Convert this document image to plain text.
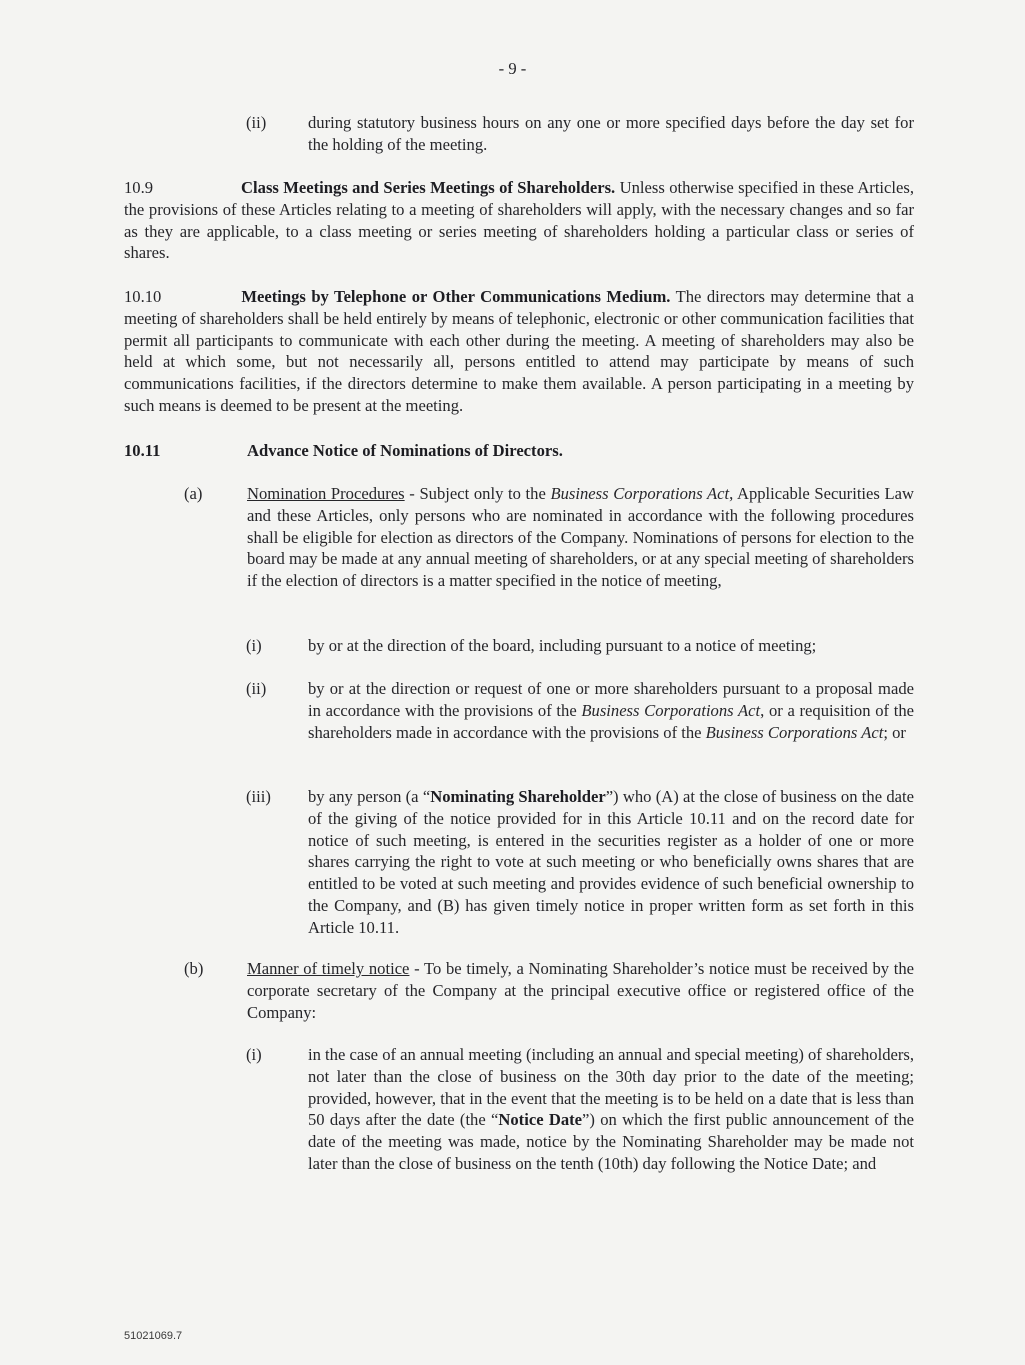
- 9 -
(ii)	during statutory business hours on any one or more specified days before the day set for the holding of the meeting.
10.9	Class Meetings and Series Meetings of Shareholders. Unless otherwise specified in these Articles, the provisions of these Articles relating to a meeting of shareholders will apply, with the necessary changes and so far as they are applicable, to a class meeting or series meeting of shareholders holding a particular class or series of shares.
10.10	Meetings by Telephone or Other Communications Medium. The directors may determine that a meeting of shareholders shall be held entirely by means of telephonic, electronic or other communication facilities that permit all participants to communicate with each other during the meeting. A meeting of shareholders may also be held at which some, but not necessarily all, persons entitled to attend may participate by means of such communications facilities, if the directors determine to make them available. A person participating in a meeting by such means is deemed to be present at the meeting.
10.11	Advance Notice of Nominations of Directors.
(a)	Nomination Procedures - Subject only to the Business Corporations Act, Applicable Securities Law and these Articles, only persons who are nominated in accordance with the following procedures shall be eligible for election as directors of the Company. Nominations of persons for election to the board may be made at any annual meeting of shareholders, or at any special meeting of shareholders if the election of directors is a matter specified in the notice of meeting,
(i)	by or at the direction of the board, including pursuant to a notice of meeting;
(ii)	by or at the direction or request of one or more shareholders pursuant to a proposal made in accordance with the provisions of the Business Corporations Act, or a requisition of the shareholders made in accordance with the provisions of the Business Corporations Act; or
(iii) by any person (a “Nominating Shareholder”) who (A) at the close of business on the date of the giving of the notice provided for in this Article 10.11 and on the record date for notice of such meeting, is entered in the securities register as a holder of one or more shares carrying the right to vote at such meeting or who beneficially owns shares that are entitled to be voted at such meeting and provides evidence of such beneficial ownership to the Company, and (B) has given timely notice in proper written form as set forth in this Article 10.11.
(b)	Manner of timely notice - To be timely, a Nominating Shareholder’s notice must be received by the corporate secretary of the Company at the principal executive office or registered office of the Company:
(i)	in the case of an annual meeting (including an annual and special meeting) of shareholders, not later than the close of business on the 30th day prior to the date of the meeting; provided, however, that in the event that the meeting is to be held on a date that is less than 50 days after the date (the “Notice Date”) on which the first public announcement of the date of the meeting was made, notice by the Nominating Shareholder may be made not later than the close of business on the tenth (10th) day following the Notice Date; and
51021069.7
